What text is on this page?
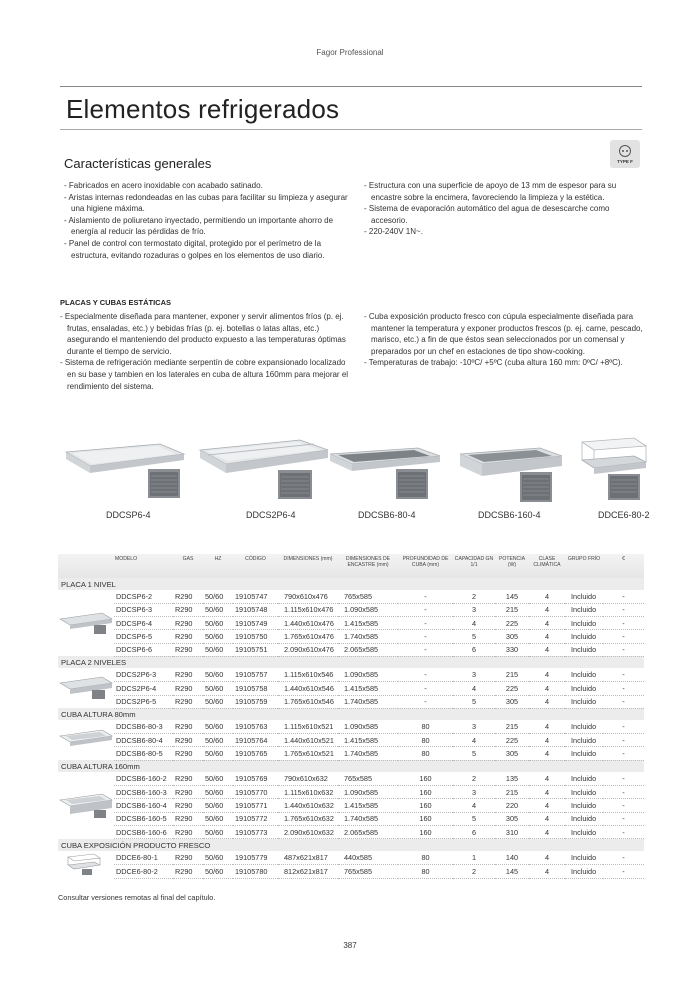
Fagor Professional
Elementos refrigerados
Características generales	TYPE F
- Fabricados en acero inoxidable con acabado satinado.
- Aristas internas redondeadas en las cubas para facilitar su limpieza y asegurar una higiene máxima.
- Aislamiento de poliuretano inyectado, permitiendo un importante ahorro de energía al reducir las pérdidas de frío.
- Panel de control con termostato digital, protegido por el perímetro de la estructura, evitando rozaduras o golpes en los elementos de uso diario.
- Estructura con una superficie de apoyo de 13 mm de espesor para su encastre sobre la encimera, favoreciendo la limpieza y la estética.
- Sistema de evaporación automático del agua de desescarche como accesorio.
- 220-240V 1N~.
PLACAS Y CUBAS ESTÁTICAS
- Especialmente diseñada para mantener, exponer y servir alimentos fríos (p. ej. frutas, ensaladas, etc.) y bebidas frías (p. ej. botellas o latas altas, etc.) asegurando el manteniendo del producto expuesto a las temperaturas óptimas durante el tiempo de servicio.
- Sistema de refrigeración mediante serpentín de cobre expansionado localizado en su base y tambien en los laterales en cuba de altura 160mm para mejorar el rendimiento del sistema.
- Cuba exposición producto fresco con cúpula especialmente diseñada para mantener la temperatura y exponer productos frescos (p. ej. carne, pescado, marisco, etc.) a fin de que éstos sean seleccionados por un comensal y preparados por un chef en estaciones de tipo show-cooking.
- Temperaturas de trabajo: -10ºC/ +5ºC (cuba altura 160 mm: 0ºC/ +8ºC).
DDCSP6-4	DDCS2P6-4	DDCSB6-80-4	DDCSB6-160-4	DDCE6-80-2
	MODELO	GAS	HZ	CÓDIGO	DIMENSIONES (mm)	DIMENSIONES DE ENCASTRE (mm)	PROFUNDIDAD DE CUBA (mm)	CAPACIDAD GN 1/1	POTENCIA (W)	CLASE CLIMÁTICA	GRUPO FRÍO	€
PLACA 1 NIVEL												
	DDCSP6-2	R290	50/60	19105747	790x610x476	765x585	-	2	145	4	Incluido	-
	DDCSP6-3	R290	50/60	19105748	1.115x610x476	1.090x585	-	3	215	4	Incluido	-
	DDCSP6-4	R290	50/60	19105749	1.440x610x476	1.415x585	-	4	225	4	Incluido	-
	DDCSP6-5	R290	50/60	19105750	1.765x610x476	1.740x585	-	5	305	4	Incluido	-
	DDCSP6-6	R290	50/60	19105751	2.090x610x476	2.065x585	-	6	330	4	Incluido	-
PLACA 2 NIVELES												
	DDCS2P6-3	R290	50/60	19105757	1.115x610x546	1.090x585	-	3	215	4	Incluido	-
	DDCS2P6-4	R290	50/60	19105758	1.440x610x546	1.415x585	-	4	225	4	Incluido	-
	DDCS2P6-5	R290	50/60	19105759	1.765x610x546	1.740x585	-	5	305	4	Incluido	-
CUBA ALTURA 80mm												
	DDCSB6-80-3	R290	50/60	19105763	1.115x610x521	1.090x585	80	3	215	4	Incluido	-
	DDCSB6-80-4	R290	50/60	19105764	1.440x610x521	1.415x585	80	4	225	4	Incluido	-
	DDCSB6-80-5	R290	50/60	19105765	1.765x610x521	1.740x585	80	5	305	4	Incluido	-
CUBA ALTURA 160mm												
	DDCSB6-160-2	R290	50/60	19105769	790x610x632	765x585	160	2	135	4	Incluido	-
	DDCSB6-160-3	R290	50/60	19105770	1.115x610x632	1.090x585	160	3	215	4	Incluido	-
	DDCSB6-160-4	R290	50/60	19105771	1.440x610x632	1.415x585	160	4	220	4	Incluido	-
	DDCSB6-160-5	R290	50/60	19105772	1.765x610x632	1.740x585	160	5	305	4	Incluido	-
	DDCSB6-160-6	R290	50/60	19105773	2.090x610x632	2.065x585	160	6	310	4	Incluido	-
CUBA EXPOSICIÓN PRODUCTO FRESCO												
	DDCE6-80-1	R290	50/60	19105779	487x621x817	440x585	80	1	140	4	Incluido	-
	DDCE6-80-2	R290	50/60	19105780	812x621x817	765x585	80	2	145	4	Incluido	-
Consultar versiones remotas al final del capítulo.
387
